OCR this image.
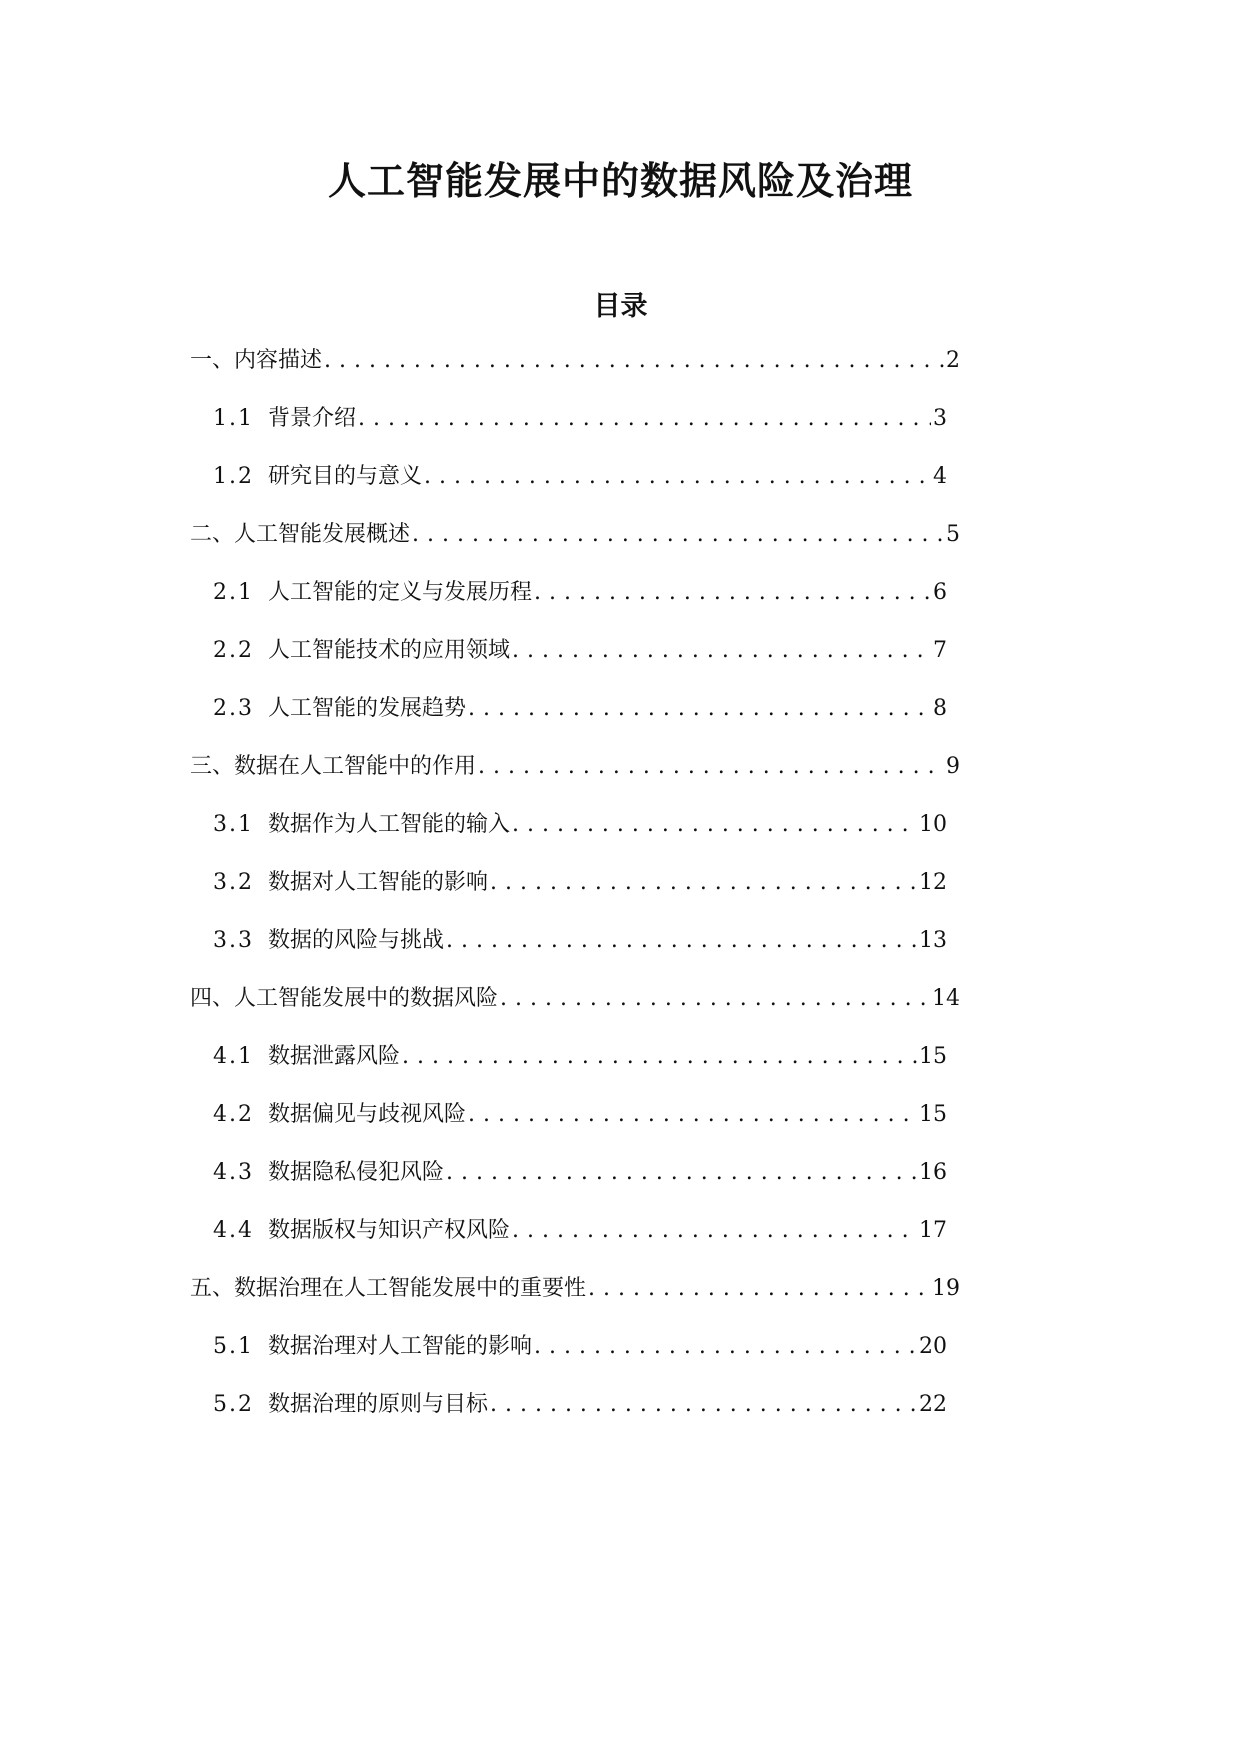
人工智能发展中的数据风险及治理
目录
一、内容描述 . . .	2
1.1 背景介绍 . . .	3
1.2 研究目的与意义 . . .	4
二、人工智能发展概述 . . .	5
2.1 人工智能的定义与发展历程 . . .	6
2.2 人工智能技术的应用领域 . . .	7
2.3 人工智能的发展趋势 . . .	8
三、数据在人工智能中的作用 . . .	9
3.1 数据作为人工智能的输入 . . .	10
3.2 数据对人工智能的影响 . . .	12
3.3 数据的风险与挑战 . . .	13
四、人工智能发展中的数据风险 . . .	14
4.1 数据泄露风险 . . .	15
4.2 数据偏见与歧视风险 . . .	15
4.3 数据隐私侵犯风险 . . .	16
4.4 数据版权与知识产权风险 . . .	17
五、数据治理在人工智能发展中的重要性 . . .	19
5.1 数据治理对人工智能的影响 . . .	20
5.2 数据治理的原则与目标 . . .	22
